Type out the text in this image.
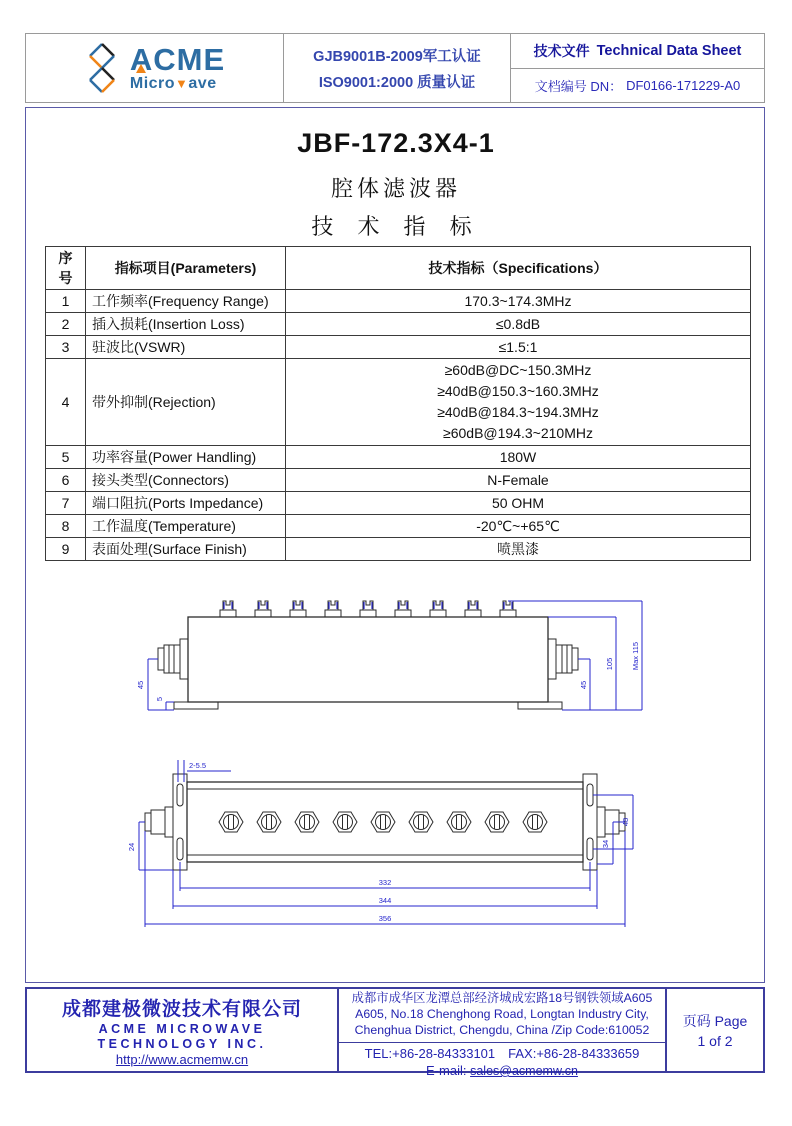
ACME
Micro▼ave
GJB9001B-2009军工认证
ISO9001:2000 质量认证
技术文件 Technical Data Sheet
文档编号 DN： DF0166-171229-A0
JBF-172.3X4-1
腔体滤波器
技 术 指 标
序号	指标项目(Parameters)	技术指标（Specifications）
1	工作频率(Frequency Range)	170.3~174.3MHz
2	插入损耗(Insertion Loss)	≤0.8dB
3	驻波比(VSWR)	≤1.5:1
4	带外抑制(Rejection)	≥60dB@DC~150.3MHz
≥40dB@150.3~160.3MHz
≥40dB@184.3~194.3MHz
≥60dB@194.3~210MHz

5	功率容量(Power Handling)	180W
6	接头类型(Connectors)	N-Female
7	端口阻抗(Ports Impedance)	50 OHM
8	工作温度(Temperature)	-20℃~+65℃
9	表面处理(Surface Finish)	喷黑漆
45
5
45
105 Max 115
2-5.5
24	34
48
332
344
356
成都建极微波技术有限公司
ACME MICROWAVE
TECHNOLOGY INC.
http://www.acmemw.cn
成都市成华区龙潭总部经济城成宏路18号钢铁领域A605
A605, No.18 Chenghong Road, Longtan Industry City, Chenghua District, Chengdu, China /Zip Code:610052
TEL:+86-28-84333101　FAX:+86-28-84333659
E-mail: sales@acmemw.cn
页码 Page
1 of 2
